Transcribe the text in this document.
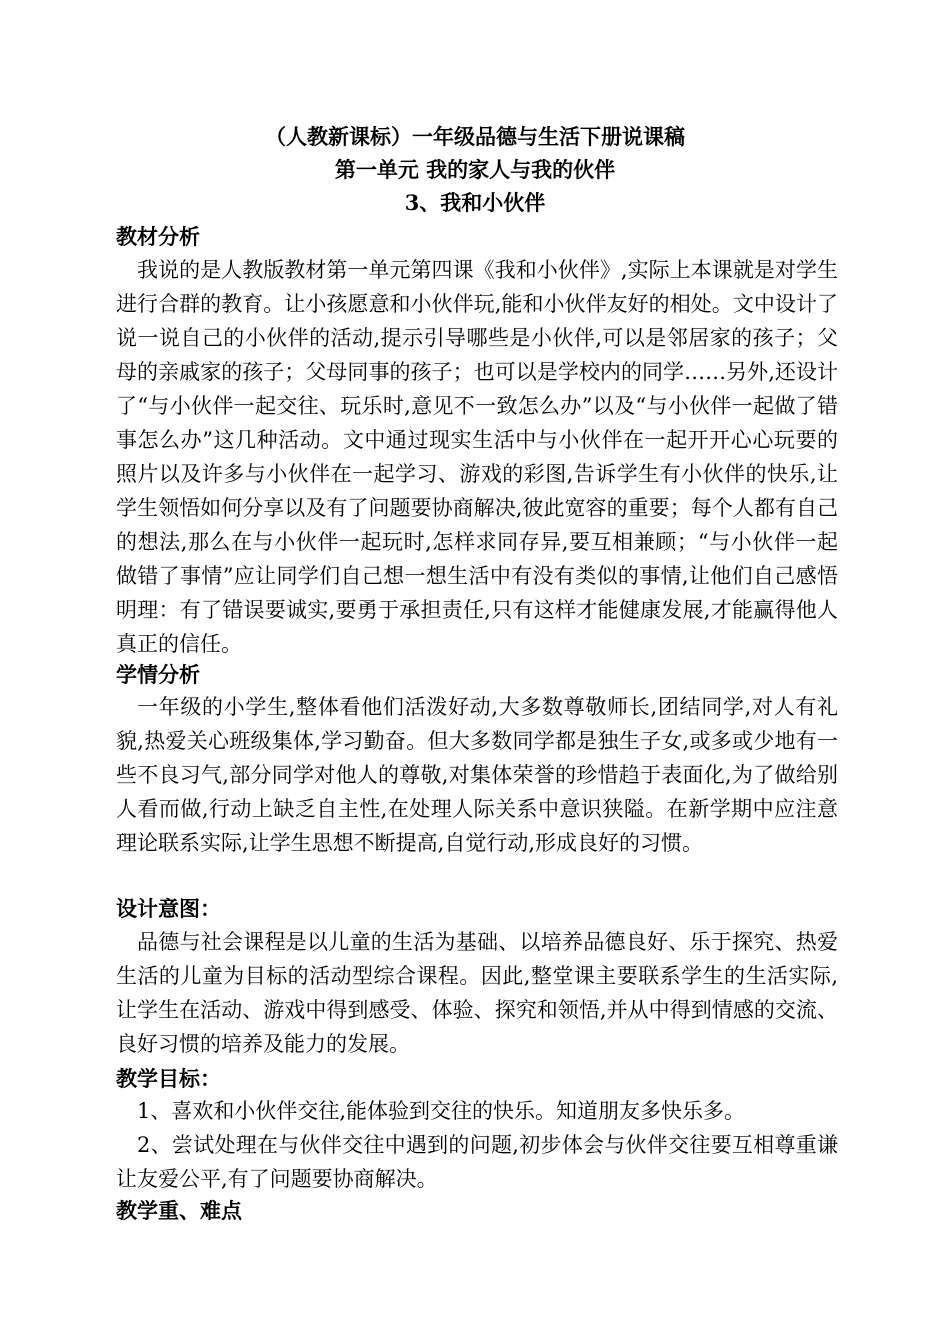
（人教新课标）一年级品德与生活下册说课稿
第一单元 我的家人与我的伙伴
3、我和小伙伴
教材分析

我说的是人教版教材第一单元第四课《我和小伙伴》,实际上本课就是对学生进行合群的教育。让小孩愿意和小伙伴玩,能和小伙伴友好的相处。文中设计了说一说自己的小伙伴的活动,提示引导哪些是小伙伴,可以是邻居家的孩子；父母的亲戚家的孩子；父母同事的孩子；也可以是学校内的同学……另外,还设计了“与小伙伴一起交往、玩乐时,意见不一致怎么办”以及“与小伙伴一起做了错事怎么办”这几种活动。文中通过现实生活中与小伙伴在一起开开心心玩要的照片以及许多与小伙伴在一起学习、游戏的彩图,告诉学生有小伙伴的快乐,让学生领悟如何分享以及有了问题要协商解决,彼此宽容的重要；每个人都有自己的想法,那么在与小伙伴一起玩时,怎样求同存异,要互相兼顾；“与小伙伴一起做错了事情”应让同学们自己想一想生活中有没有类似的事情,让他们自己感悟明理：有了错误要诚实,要勇于承担责任,只有这样才能健康发展,才能赢得他人真正的信任。

学情分析

一年级的小学生,整体看他们活泼好动,大多数尊敬师长,团结同学,对人有礼貌,热爱关心班级集体,学习勤奋。但大多数同学都是独生子女,或多或少地有一些不良习气,部分同学对他人的尊敬,对集体荣誉的珍惜趋于表面化,为了做给别人看而做,行动上缺乏自主性,在处理人际关系中意识狭隘。在新学期中应注意理论联系实际,让学生思想不断提高,自觉行动,形成良好的习惯。

设计意图：

品德与社会课程是以儿童的生活为基础、以培养品德良好、乐于探究、热爱生活的儿童为目标的活动型综合课程。因此,整堂课主要联系学生的生活实际,让学生在活动、游戏中得到感受、体验、探究和领悟,并从中得到情感的交流、良好习惯的培养及能力的发展。

教学目标：

1、喜欢和小伙伴交往,能体验到交往的快乐。知道朋友多快乐多。

2、尝试处理在与伙伴交往中遇到的问题,初步体会与伙伴交往要互相尊重谦让友爱公平,有了问题要协商解决。

教学重、难点
